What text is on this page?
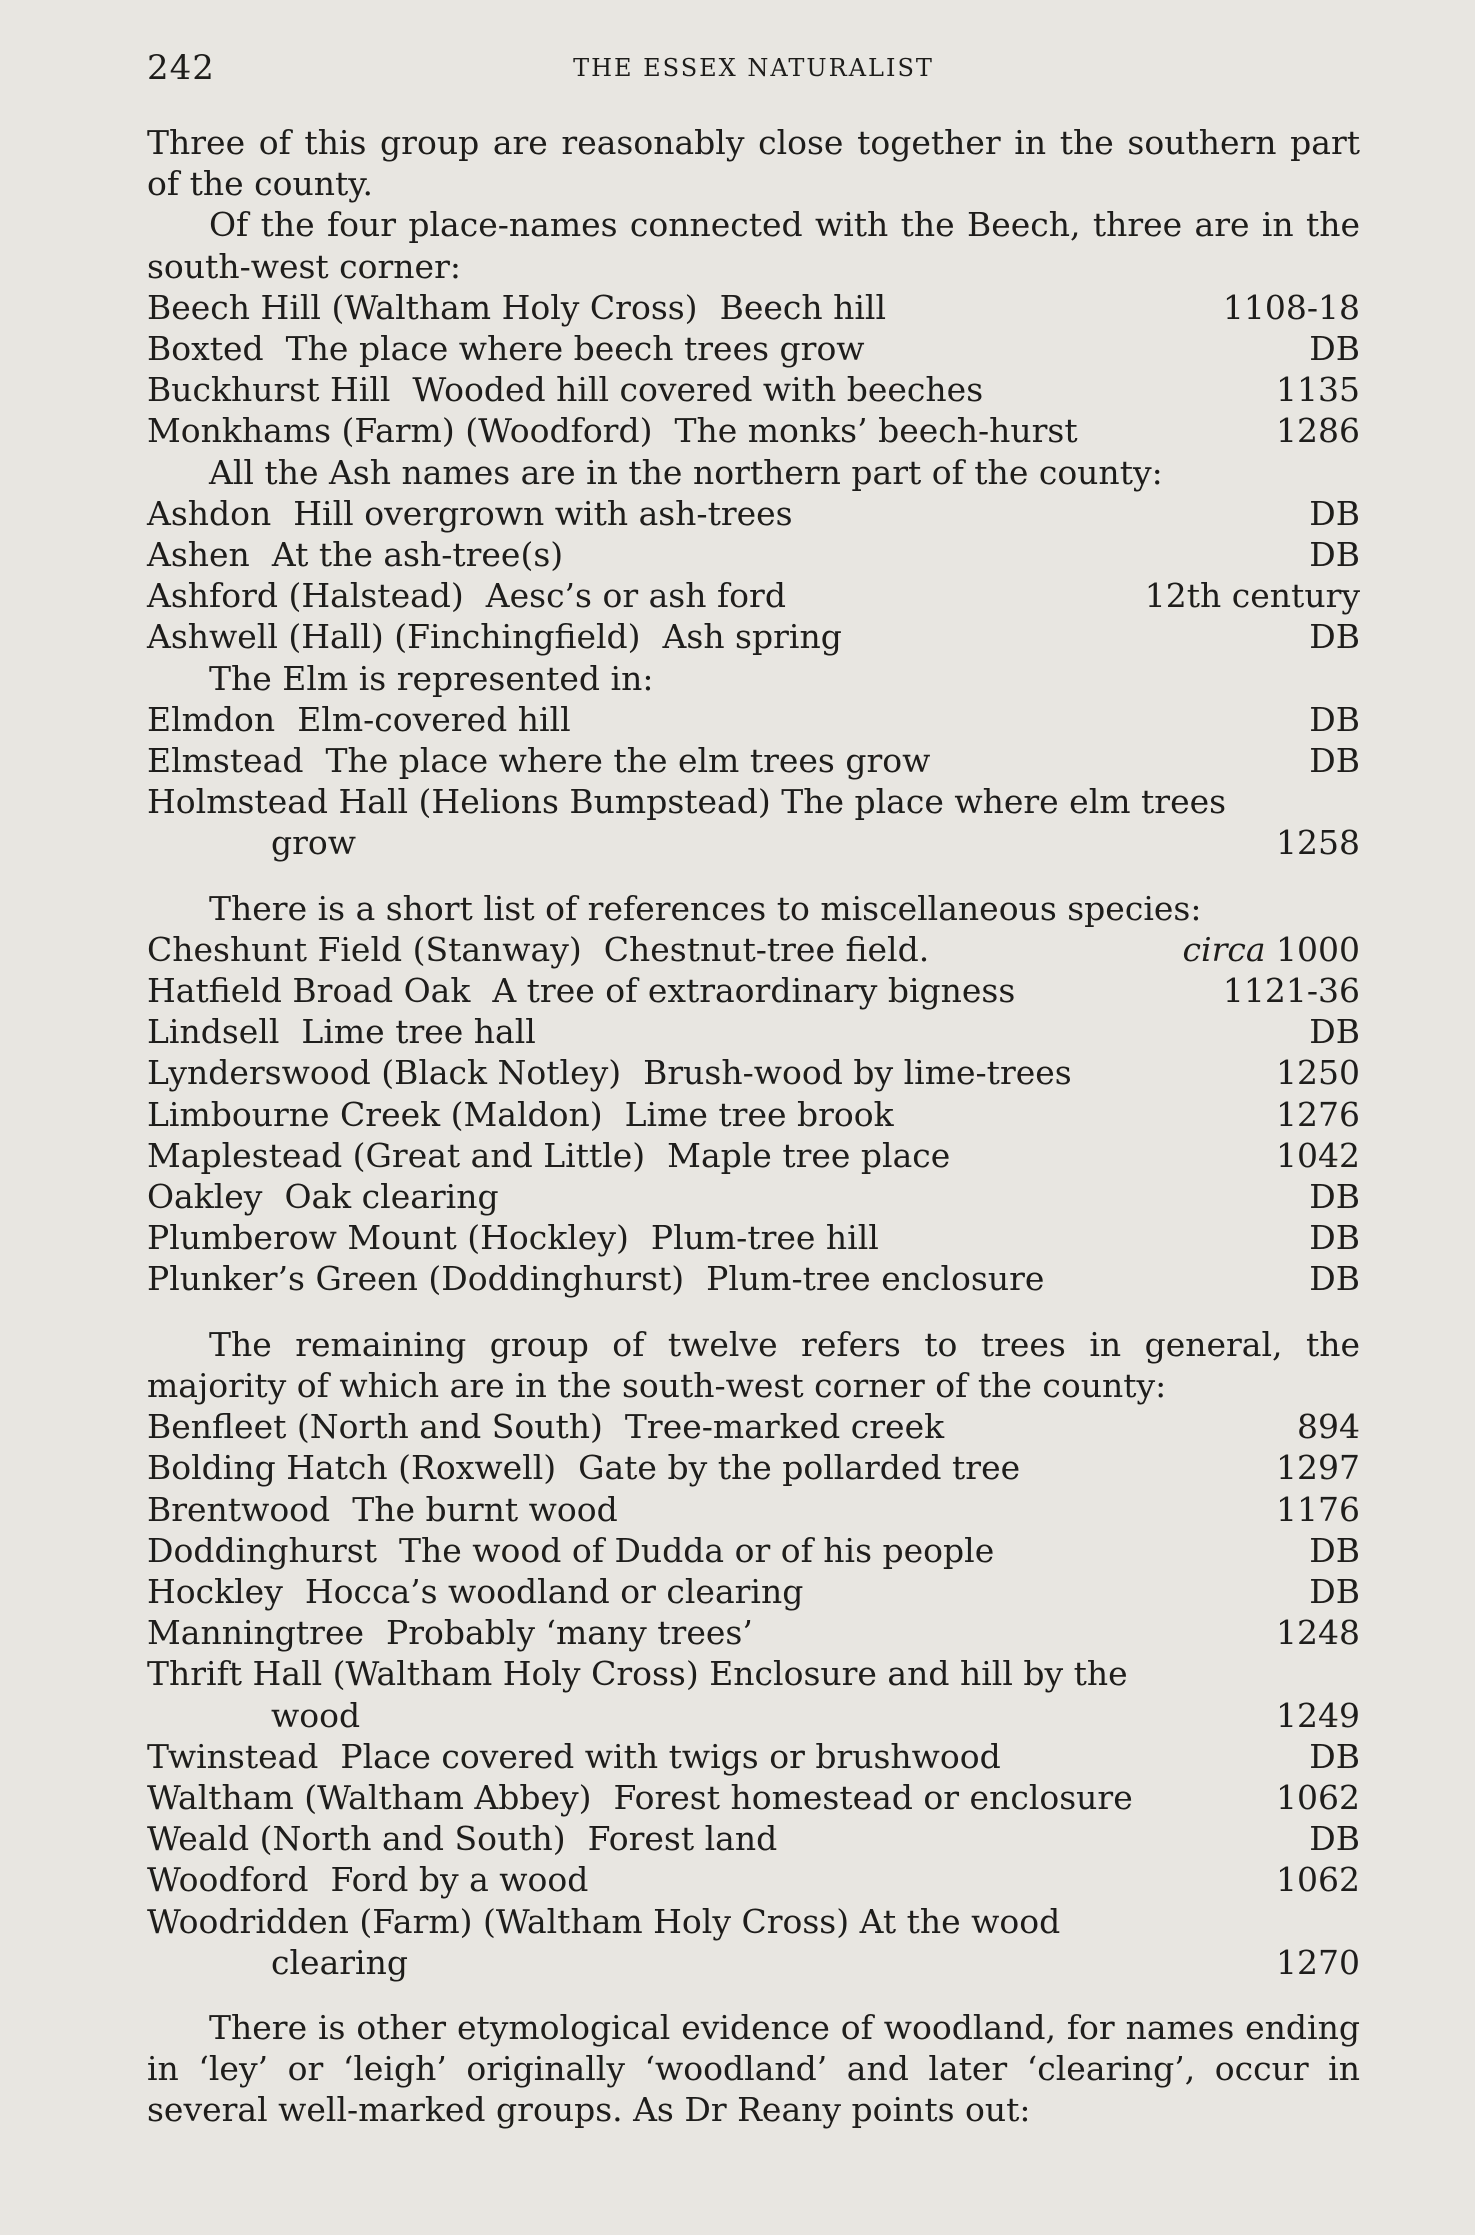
242	THE ESSEX NATURALIST

Three of this group are reasonably close together in the southern part of the county.

Of the four place-names connected with the Beech, three are in the south-west corner:

Beech Hill (Waltham Holy Cross) Beech hill	1108-18
Boxted The place where beech trees grow	DB
Buckhurst Hill Wooded hill covered with beeches	1135
Monkhams (Farm) (Woodford) The monks’ beech-hurst	1286

All the Ash names are in the northern part of the county:

Ashdon Hill overgrown with ash-trees	DB
Ashen At the ash-tree(s)	DB
Ashford (Halstead) Aesc’s or ash ford	12th century
Ashwell (Hall) (Finchingfield) Ash spring	DB

The Elm is represented in:

Elmdon Elm-covered hill	DB
Elmstead The place where the elm trees grow	DB
Holmstead Hall (Helions Bumpstead) The place where elm trees
grow	1258

There is a short list of references to miscellaneous species:

Cheshunt Field (Stanway) Chestnut-tree field.	circa 1000
Hatfield Broad Oak A tree of extraordinary bigness	1121-36
Lindsell Lime tree hall	DB
Lynderswood (Black Notley) Brush-wood by lime-trees	1250
Limbourne Creek (Maldon) Lime tree brook	1276
Maplestead (Great and Little) Maple tree place	1042
Oakley Oak clearing	DB
Plumberow Mount (Hockley) Plum-tree hill	DB
Plunker’s Green (Doddinghurst) Plum-tree enclosure	DB

The remaining group of twelve refers to trees in general, the majority of which are in the south-west corner of the county:

Benfleet (North and South) Tree-marked creek	894
Bolding Hatch (Roxwell) Gate by the pollarded tree	1297
Brentwood The burnt wood	1176
Doddinghurst The wood of Dudda or of his people	DB
Hockley Hocca’s woodland or clearing	DB
Manningtree Probably ‘many trees’	1248
Thrift Hall (Waltham Holy Cross) Enclosure and hill by the
wood	1249
Twinstead Place covered with twigs or brushwood	DB
Waltham (Waltham Abbey) Forest homestead or enclosure	1062
Weald (North and South) Forest land	DB
Woodford Ford by a wood	1062
Woodridden (Farm) (Waltham Holy Cross) At the wood
clearing	1270

There is other etymological evidence of woodland, for names ending in ‘ley’ or ‘leigh’ originally ‘woodland’ and later ‘clearing’, occur in several well-marked groups. As Dr Reany points out:
